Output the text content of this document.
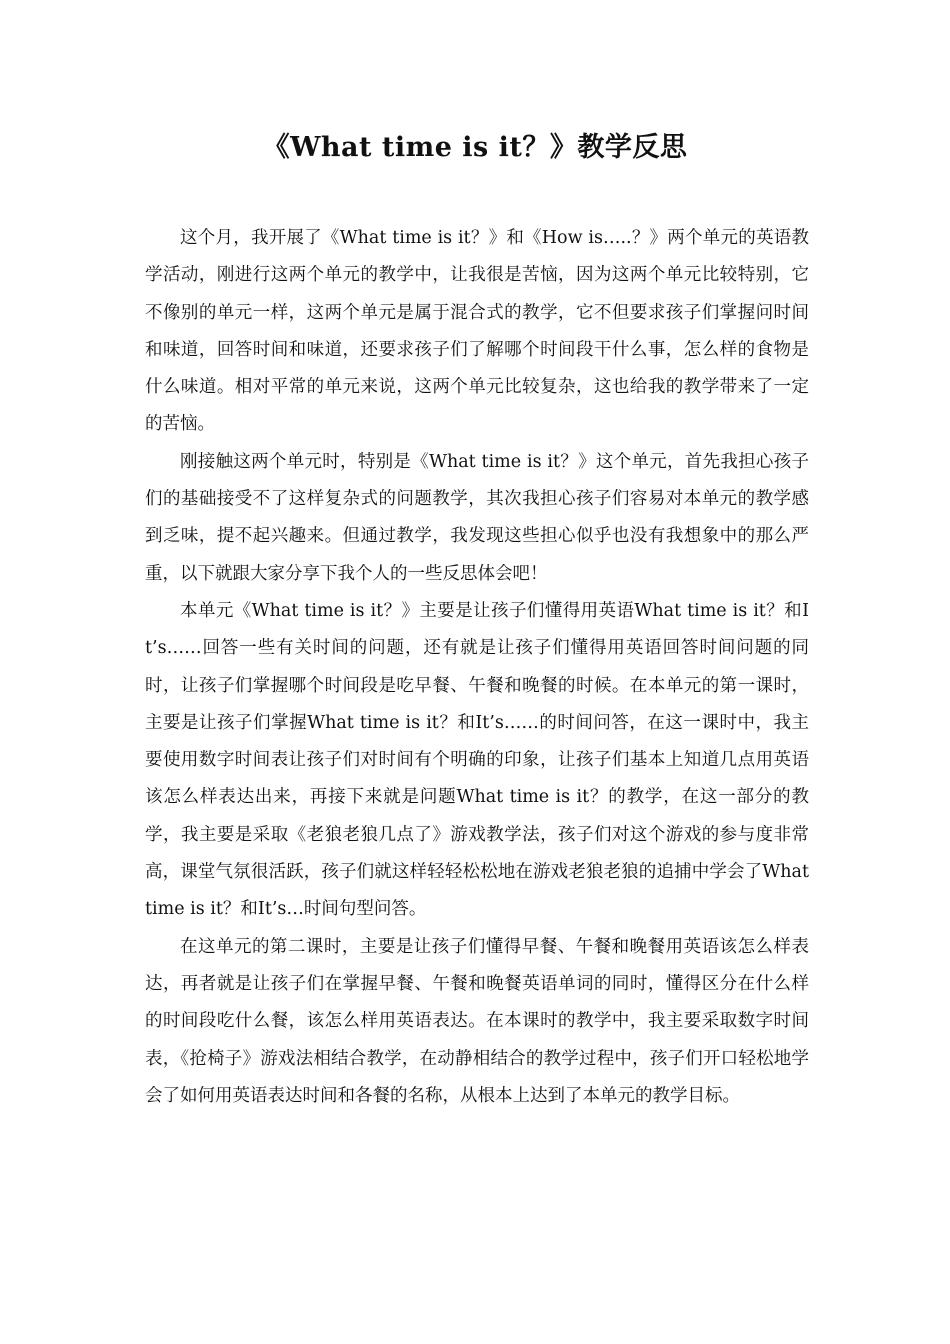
《What time is it？》教学反思

这个月，我开展了《What time is it？》和《How is…..？》两个单元的英语教学活动，刚进行这两个单元的教学中，让我很是苦恼，因为这两个单元比较特别，它不像别的单元一样，这两个单元是属于混合式的教学，它不但要求孩子们掌握问时间和味道，回答时间和味道，还要求孩子们了解哪个时间段干什么事，怎么样的食物是什么味道。相对平常的单元来说，这两个单元比较复杂，这也给我的教学带来了一定的苦恼。

刚接触这两个单元时，特别是《What time is it？》这个单元，首先我担心孩子们的基础接受不了这样复杂式的问题教学，其次我担心孩子们容易对本单元的教学感到乏味，提不起兴趣来。但通过教学，我发现这些担心似乎也没有我想象中的那么严重，以下就跟大家分享下我个人的一些反思体会吧！

本单元《What time is it？》主要是让孩子们懂得用英语What time is it？和It’s……回答一些有关时间的问题，还有就是让孩子们懂得用英语回答时间问题的同时，让孩子们掌握哪个时间段是吃早餐、午餐和晚餐的时候。在本单元的第一课时，主要是让孩子们掌握What time is it？和It’s……的时间问答，在这一课时中，我主要使用数字时间表让孩子们对时间有个明确的印象，让孩子们基本上知道几点用英语该怎么样表达出来，再接下来就是问题What time is it？的教学，在这一部分的教学，我主要是采取《老狼老狼几点了》游戏教学法，孩子们对这个游戏的参与度非常高，课堂气氛很活跃，孩子们就这样轻轻松松地在游戏老狼老狼的追捕中学会了What time is it？和It’s…时间句型问答。

在这单元的第二课时，主要是让孩子们懂得早餐、午餐和晚餐用英语该怎么样表达，再者就是让孩子们在掌握早餐、午餐和晚餐英语单词的同时，懂得区分在什么样的时间段吃什么餐，该怎么样用英语表达。在本课时的教学中，我主要采取数字时间表，《抢椅子》游戏法相结合教学，在动静相结合的教学过程中，孩子们开口轻松地学会了如何用英语表达时间和各餐的名称，从根本上达到了本单元的教学目标。
